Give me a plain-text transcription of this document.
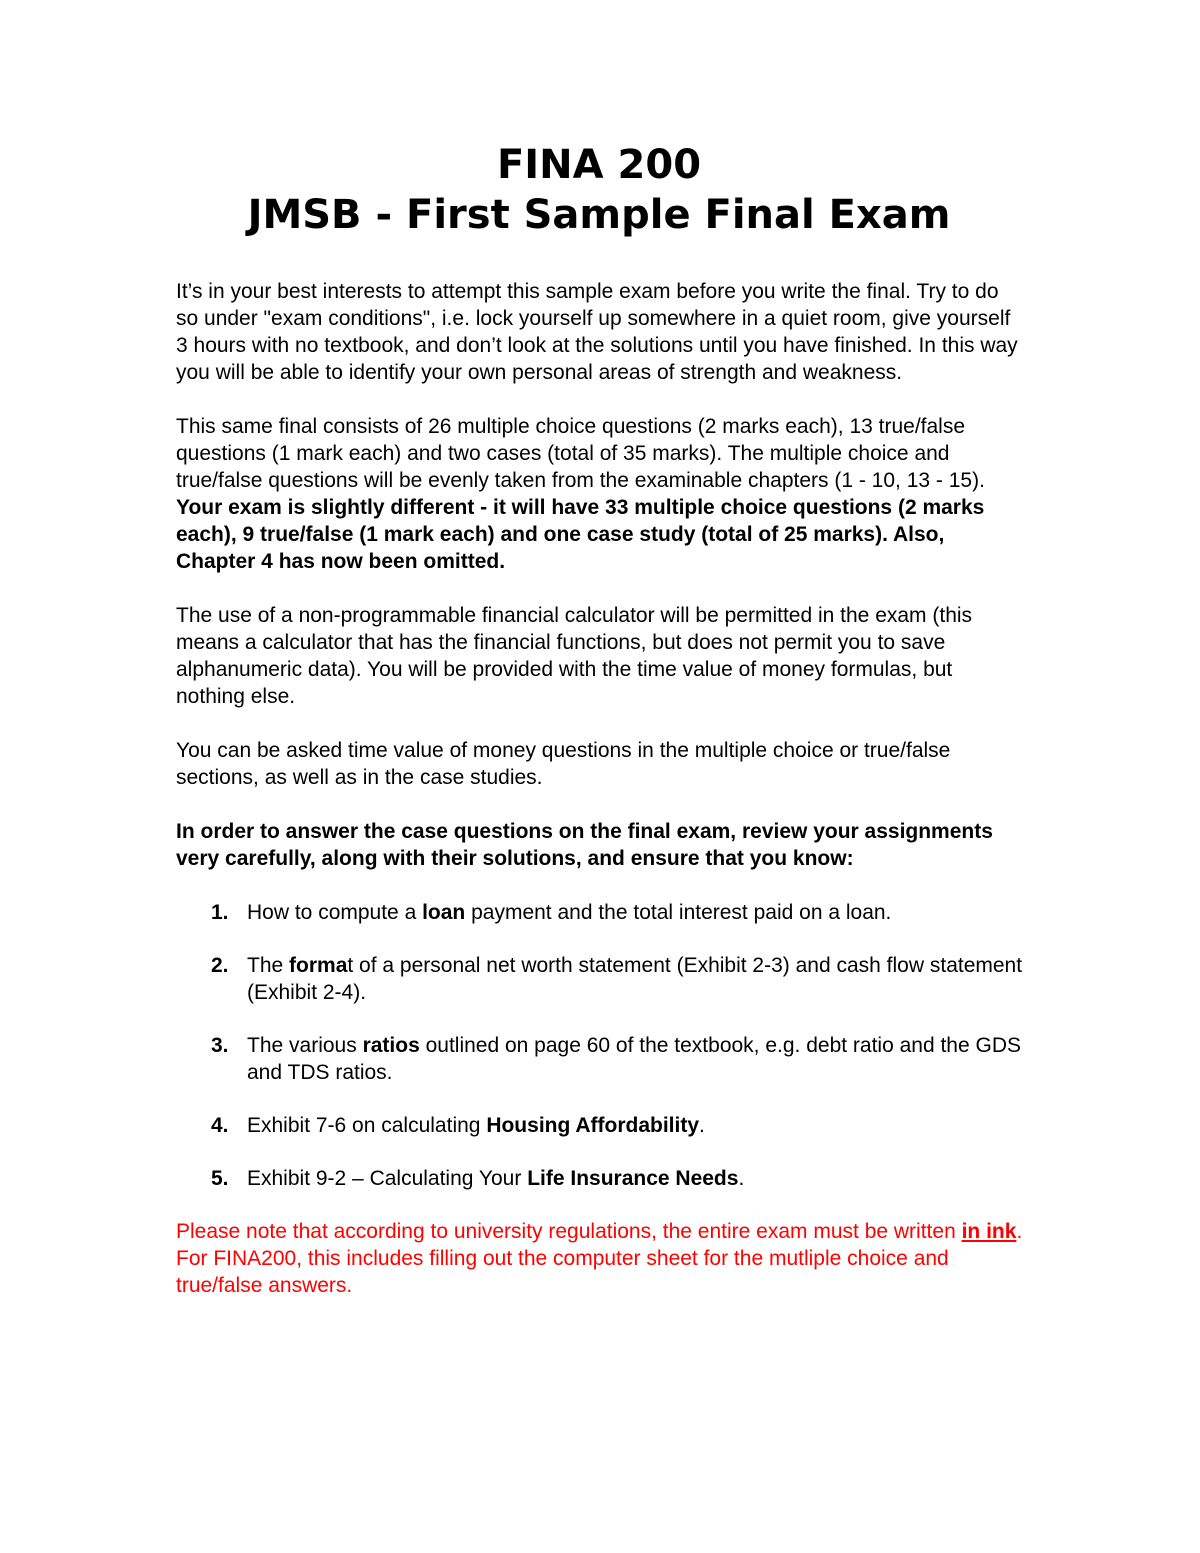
FINA 200
JMSB - First Sample Final Exam

It’s in your best interests to attempt this sample exam before you write the final. Try to do so under "exam conditions", i.e. lock yourself up somewhere in a quiet room, give yourself 3 hours with no textbook, and don’t look at the solutions until you have finished. In this way you will be able to identify your own personal areas of strength and weakness.

This same final consists of 26 multiple choice questions (2 marks each), 13 true/false questions (1 mark each) and two cases (total of 35 marks). The multiple choice and true/false questions will be evenly taken from the examinable chapters (1 - 10, 13 - 15). Your exam is slightly different - it will have 33 multiple choice questions (2 marks each), 9 true/false (1 mark each) and one case study (total of 25 marks). Also, Chapter 4 has now been omitted.

The use of a non-programmable financial calculator will be permitted in the exam (this means a calculator that has the financial functions, but does not permit you to save alphanumeric data). You will be provided with the time value of money formulas, but nothing else.

You can be asked time value of money questions in the multiple choice or true/false sections, as well as in the case studies.

In order to answer the case questions on the final exam, review your assignments very carefully, along with their solutions, and ensure that you know:

1. How to compute a loan payment and the total interest paid on a loan.
2. The format of a personal net worth statement (Exhibit 2-3) and cash flow statement (Exhibit 2-4).
3. The various ratios outlined on page 60 of the textbook, e.g. debt ratio and the GDS and TDS ratios.
4. Exhibit 7-6 on calculating Housing Affordability.
5. Exhibit 9-2 – Calculating Your Life Insurance Needs.

Please note that according to university regulations, the entire exam must be written in ink. For FINA200, this includes filling out the computer sheet for the mutliple choice and true/false answers.
